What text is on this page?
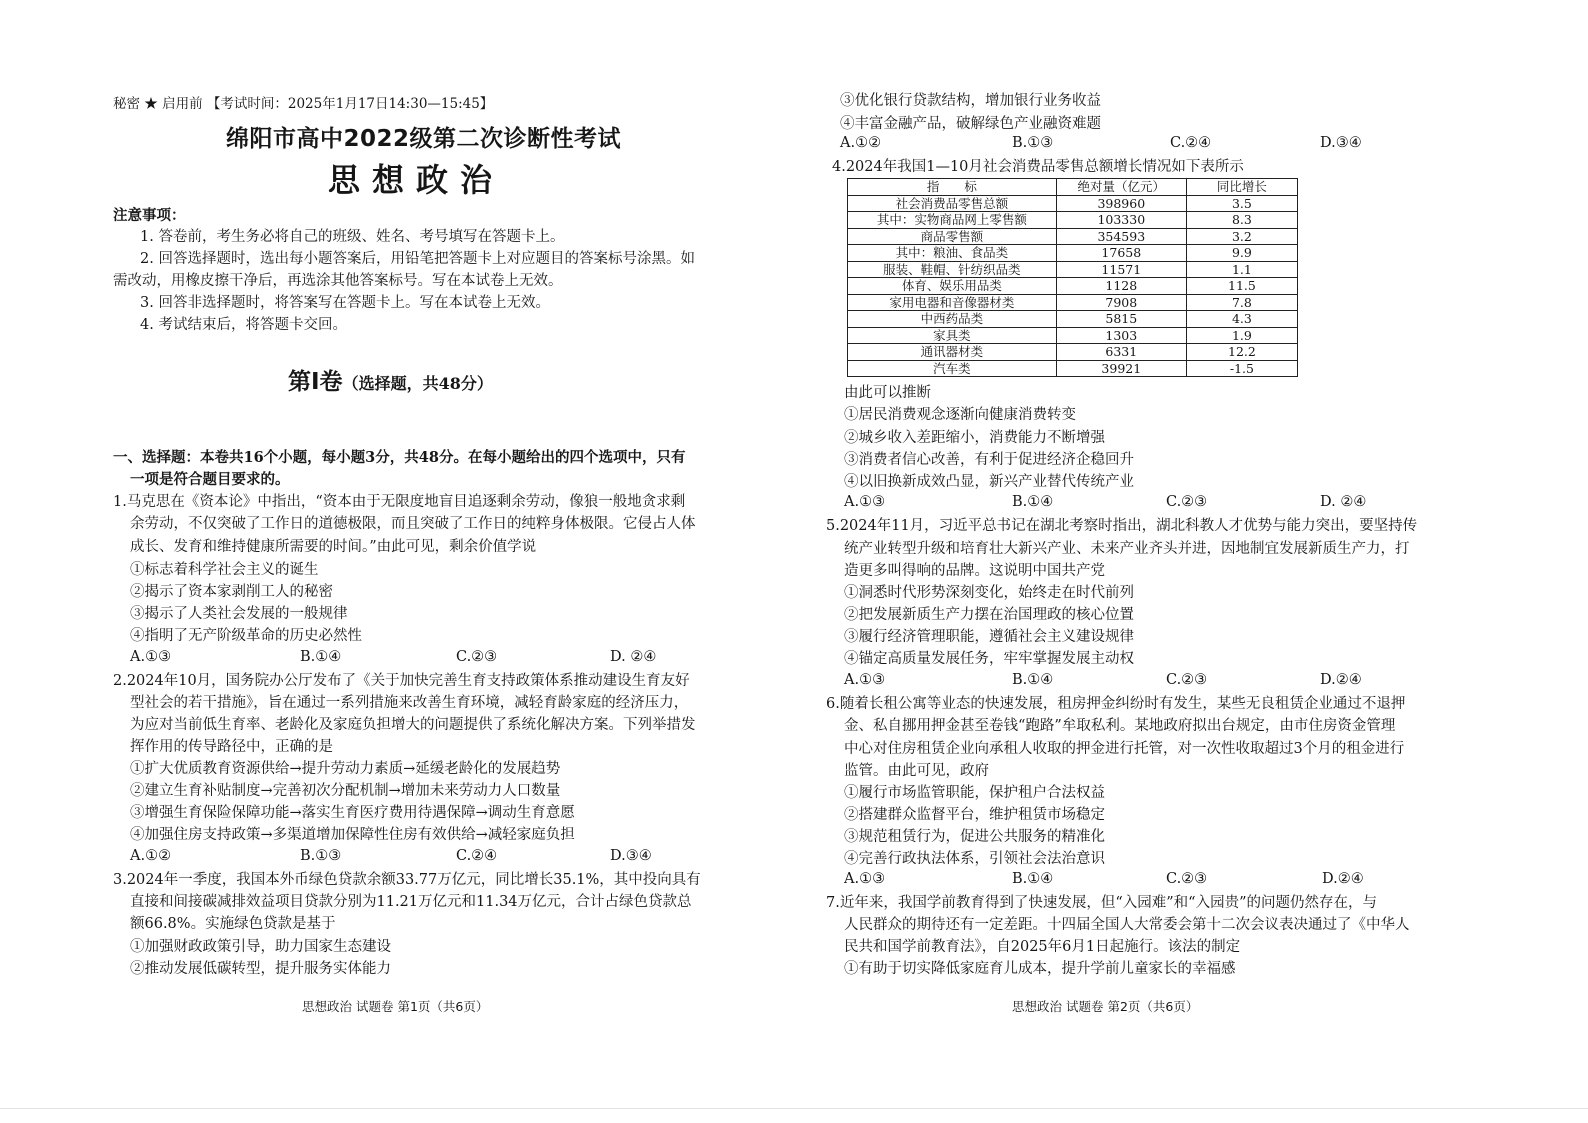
秘密 ★ 启用前 【考试时间：2025年1月17日14:30—15:45】
绵阳市高中2022级第二次诊断性考试
思想政治
注意事项：
1. 答卷前，考生务必将自己的班级、姓名、考号填写在答题卡上。
2. 回答选择题时，选出每小题答案后，用铅笔把答题卡上对应题目的答案标号涂黑。如
需改动，用橡皮擦干净后，再选涂其他答案标号。写在本试卷上无效。
3. 回答非选择题时，将答案写在答题卡上。写在本试卷上无效。
4. 考试结束后，将答题卡交回。
第Ⅰ卷（选择题，共48分）
一、选择题：本卷共16个小题，每小题3分，共48分。在每小题给出的四个选项中，只有
一项是符合题目要求的。
1.马克思在《资本论》中指出，“资本由于无限度地盲目追逐剩余劳动，像狼一般地贪求剩
余劳动，不仅突破了工作日的道德极限，而且突破了工作日的纯粹身体极限。它侵占人体
成长、发育和维持健康所需要的时间。”由此可见，剩余价值学说
①标志着科学社会主义的诞生
②揭示了资本家剥削工人的秘密
③揭示了人类社会发展的一般规律
④指明了无产阶级革命的历史必然性
A.①③	B.①④	C.②③	D. ②④
2.2024年10月，国务院办公厅发布了《关于加快完善生育支持政策体系推动建设生育友好
型社会的若干措施》，旨在通过一系列措施来改善生育环境，减轻育龄家庭的经济压力，
为应对当前低生育率、老龄化及家庭负担增大的问题提供了系统化解决方案。下列举措发
挥作用的传导路径中，正确的是
①扩大优质教育资源供给→提升劳动力素质→延缓老龄化的发展趋势
②建立生育补贴制度→完善初次分配机制→增加未来劳动力人口数量
③增强生育保险保障功能→落实生育医疗费用待遇保障→调动生育意愿
④加强住房支持政策→多渠道增加保障性住房有效供给→减轻家庭负担
A.①②	B.①③	C.②④	D.③④
3.2024年一季度，我国本外币绿色贷款余额33.77万亿元，同比增长35.1%，其中投向具有
直接和间接碳减排效益项目贷款分别为11.21万亿元和11.34万亿元，合计占绿色贷款总
额66.8%。实施绿色贷款是基于
①加强财政政策引导，助力国家生态建设
②推动发展低碳转型，提升服务实体能力
思想政治 试题卷 第1页（共6页）
③优化银行贷款结构，增加银行业务收益
④丰富金融产品，破解绿色产业融资难题
A.①②	B.①③	C.②④	D.③④
4.2024年我国1—10月社会消费品零售总额增长情况如下表所示
指　　标	绝对量（亿元）	同比增长
社会消费品零售总额	398960	3.5
其中：实物商品网上零售额	103330	8.3
商品零售额	354593	3.2
其中：粮油、食品类	17658	9.9
服装、鞋帽、针纺织品类	11571	1.1
体育、娱乐用品类	1128	11.5
家用电器和音像器材类	7908	7.8
中西药品类	5815	4.3
家具类	1303	1.9
通讯器材类	6331	12.2
汽车类	39921	-1.5
由此可以推断
①居民消费观念逐渐向健康消费转变
②城乡收入差距缩小，消费能力不断增强
③消费者信心改善，有利于促进经济企稳回升
④以旧换新成效凸显，新兴产业替代传统产业
A.①③	B.①④	C.②③	D. ②④
5.2024年11月，习近平总书记在湖北考察时指出，湖北科教人才优势与能力突出，要坚持传
统产业转型升级和培育壮大新兴产业、未来产业齐头并进，因地制宜发展新质生产力，打
造更多叫得响的品牌。这说明中国共产党
①洞悉时代形势深刻变化，始终走在时代前列
②把发展新质生产力摆在治国理政的核心位置
③履行经济管理职能，遵循社会主义建设规律
④锚定高质量发展任务，牢牢掌握发展主动权
A.①③	B.①④	C.②③	D.②④
6.随着长租公寓等业态的快速发展，租房押金纠纷时有发生，某些无良租赁企业通过不退押
金、私自挪用押金甚至卷钱“跑路”牟取私利。某地政府拟出台规定，由市住房资金管理
中心对住房租赁企业向承租人收取的押金进行托管，对一次性收取超过3个月的租金进行
监管。由此可见，政府
①履行市场监管职能，保护租户合法权益
②搭建群众监督平台，维护租赁市场稳定
③规范租赁行为，促进公共服务的精准化
④完善行政执法体系，引领社会法治意识
A.①③	B.①④	C.②③	D.②④
7.近年来，我国学前教育得到了快速发展，但“入园难”和“入园贵”的问题仍然存在，与
人民群众的期待还有一定差距。十四届全国人大常委会第十二次会议表决通过了《中华人
民共和国学前教育法》，自2025年6月1日起施行。该法的制定
①有助于切实降低家庭育儿成本，提升学前儿童家长的幸福感
思想政治 试题卷 第2页（共6页）
